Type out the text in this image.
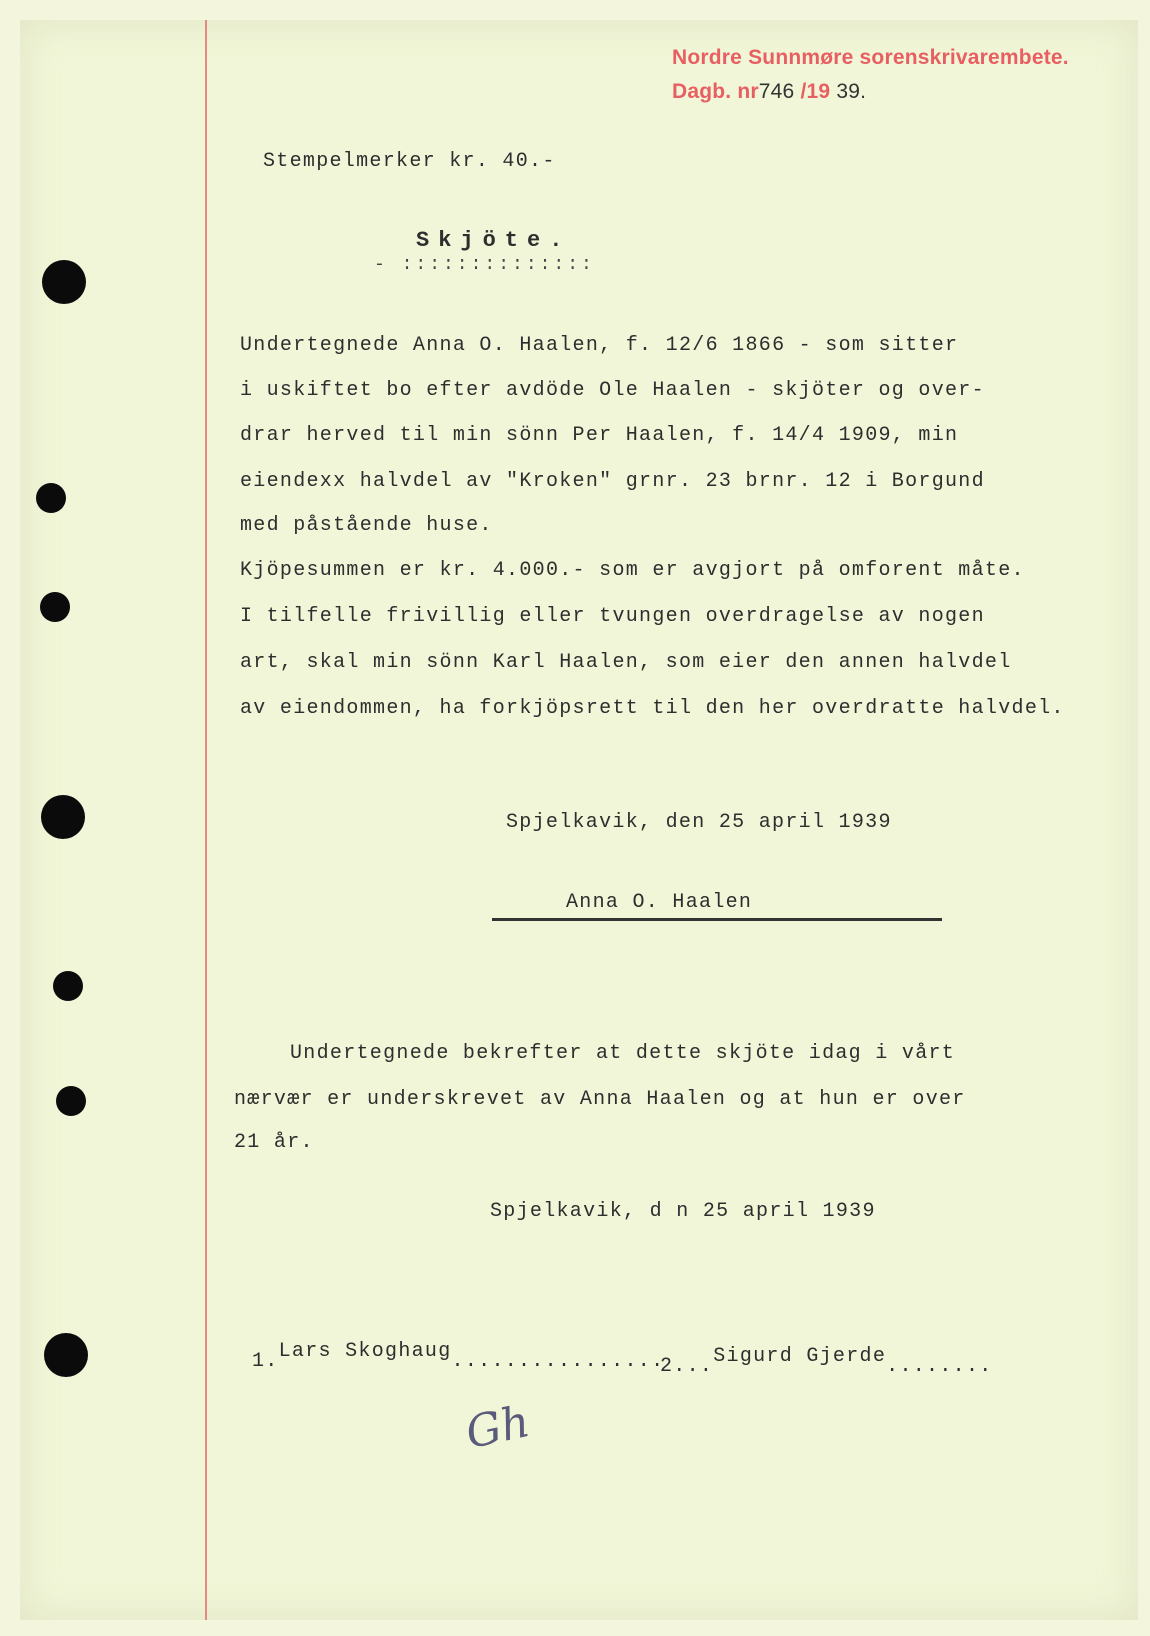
Nordre Sunnmøre sorenskrivarembete.
Dagb. nr746 /19 39.
Stempelmerker kr. 40.-
Skjöte.
- ::::::::::::::
Undertegnede Anna O. Haalen, f. 12/6 1866 - som sitter
i uskiftet bo efter avdöde Ole Haalen - skjöter og over-
drar herved til min sönn Per Haalen, f. 14/4 1909, min
eiendexx halvdel av "Kroken" grnr. 23 brnr. 12 i Borgund
med påstående huse.
Kjöpesummen er kr. 4.000.- som er avgjort på omforent måte.
I tilfelle frivillig eller tvungen overdragelse av nogen
art, skal min sönn Karl Haalen, som eier den annen halvdel
av eiendommen, ha forkjöpsrett til den her overdratte halvdel.
Spjelkavik, den 25 april 1939
Anna O. Haalen
Undertegnede bekrefter at dette skjöte idag i vårt
nærvær er underskrevet av Anna Haalen og at hun er over
21 år.
Spjelkavik, d n 25 april 1939
1.Lars Skoghaug................
2...Sigurd Gjerde........
Gh
